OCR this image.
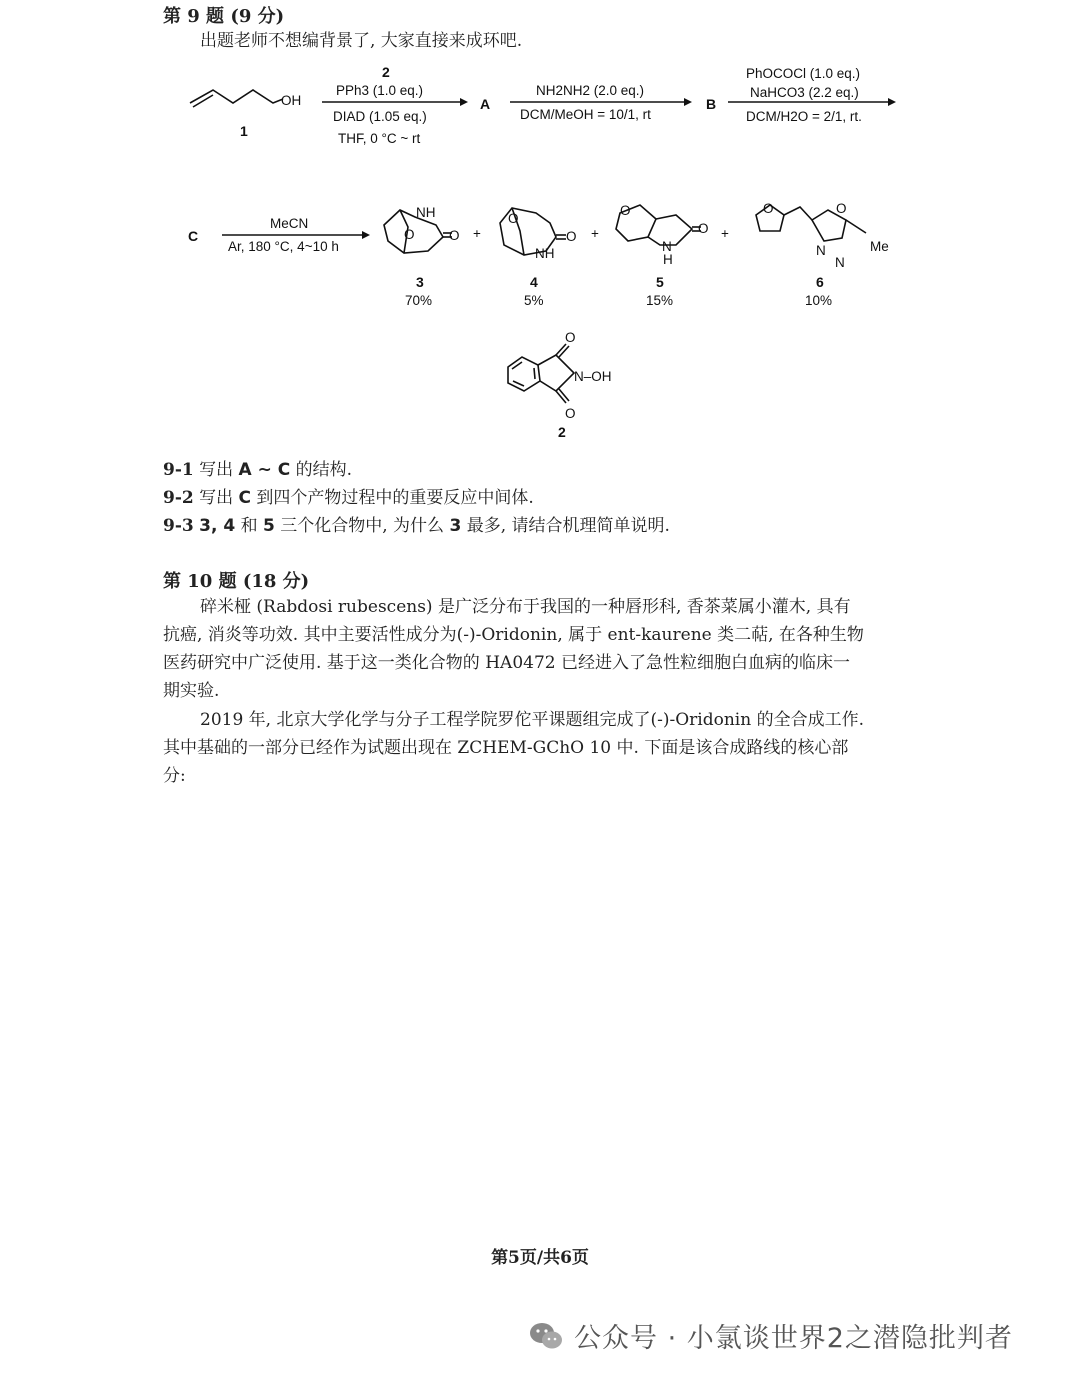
第 9 题 (9 分)
出题老师不想编背景了, 大家直接来成环吧.
OH
1
2
PPh3 (1.0 eq.)
DIAD (1.05 eq.)
THF, 0 °C ~ rt
A
NH2NH2 (2.0 eq.)
DCM/MeOH = 10/1, rt
B
PhOCOCl (1.0 eq.)
NaHCO3 (2.2 eq.)
DCM/H2O = 2/1, rt.
C
MeCN
Ar, 180 °C, 4~10 h
NH
O
O	+
O
O
NH
+
O
O
N
H
+
O	O
N
N
Me
3
70%
4
5%
5
15%
6
10%
O
O
N–OH
2
9-1 写出 A ~ C 的结构.
9-2 写出 C 到四个产物过程中的重要反应中间体.
9-3 3, 4 和 5 三个化合物中, 为什么 3 最多, 请结合机理简单说明.
第 10 题 (18 分)
碎米桠 (Rabdosi rubescens) 是广泛分布于我国的一种唇形科, 香茶菜属小灌木, 具有
抗癌, 消炎等功效. 其中主要活性成分为(-)-Oridonin, 属于 ent-kaurene 类二萜, 在各种生物
医药研究中广泛使用. 基于这一类化合物的 HA0472 已经进入了急性粒细胞白血病的临床一
期实验.
2019 年, 北京大学化学与分子工程学院罗佗平课题组完成了(-)-Oridonin 的全合成工作.
其中基础的一部分已经作为试题出现在 ZCHEM-GChO 10 中. 下面是该合成路线的核心部
分:
第5页/共6页
公众号 · 小氯谈世界2之潜隐批判者
